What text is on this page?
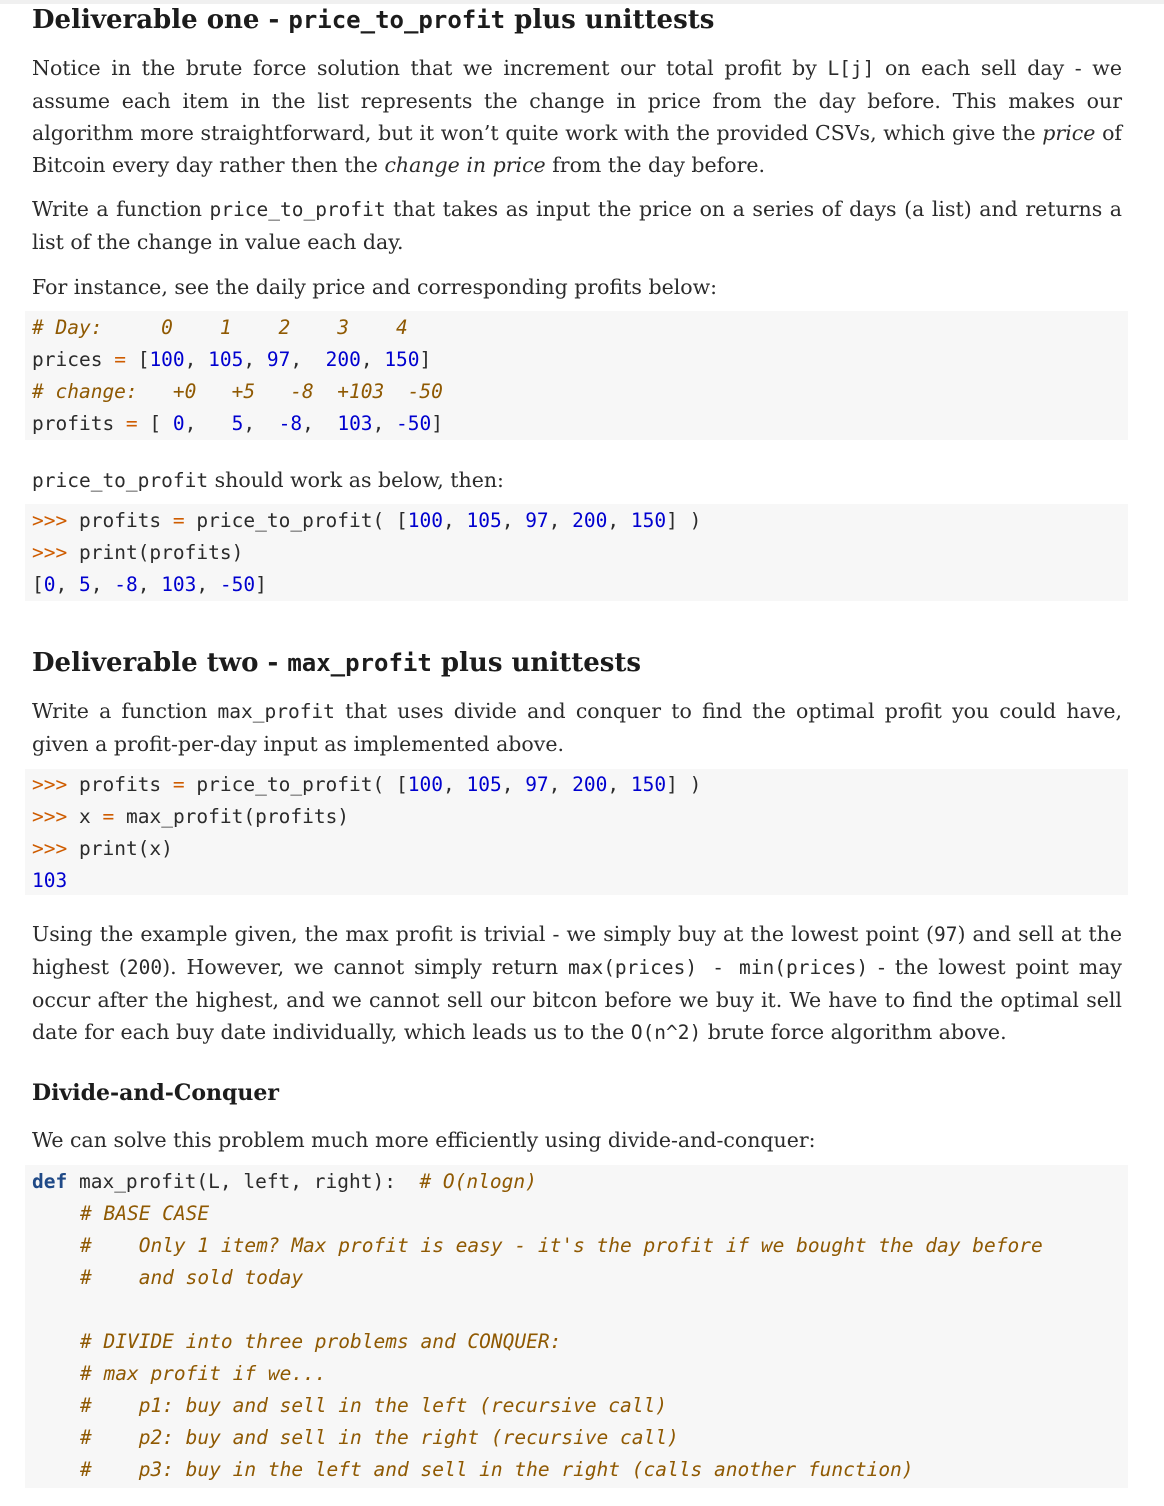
Deliverable one - price_to_profit plus unittests

Notice in the brute force solution that we increment our total profit by L[j] on each sell day - we assume each item in the list represents the change in price from the day before. This makes our algorithm more straightforward, but it won’t quite work with the provided CSVs, which give the price of Bitcoin every day rather then the change in price from the day before.

Write a function price_to_profit that takes as input the price on a series of days (a list) and returns a list of the change in value each day.

For instance, see the daily price and corresponding profits below:

# Day:     0    1    2    3    4
prices = [100, 105, 97,  200, 150]
# change:   +0   +5   -8  +103  -50
profits = [ 0,   5,  -8,  103, -50]

price_to_profit should work as below, then:

>>> profits = price_to_profit( [100, 105, 97, 200, 150] )
>>> print(profits)
[0, 5, -8, 103, -50]
Deliverable two - max_profit plus unittests

Write a function max_profit that uses divide and conquer to find the optimal profit you could have, given a profit-per-day input as implemented above.

>>> profits = price_to_profit( [100, 105, 97, 200, 150] )
>>> x = max_profit(profits)
>>> print(x)
103

Using the example given, the max profit is trivial - we simply buy at the lowest point (97) and sell at the highest (200). However, we cannot simply return max(prices) - min(prices) - the lowest point may occur after the highest, and we cannot sell our bitcon before we buy it. We have to find the optimal sell date for each buy date individually, which leads us to the O(n^2) brute force algorithm above.

Divide-and-Conquer

We can solve this problem much more efficiently using divide-and-conquer:

def max_profit(L, left, right): # O(nlogn)
# BASE CASE
#    Only 1 item? Max profit is easy - it's the profit if we bought the day before
#    and sold today
# DIVIDE into three problems and CONQUER:
# max profit if we...
#    p1: buy and sell in the left (recursive call)
#    p2: buy and sell in the right (recursive call)
#    p3: buy in the left and sell in the right (calls another function)
